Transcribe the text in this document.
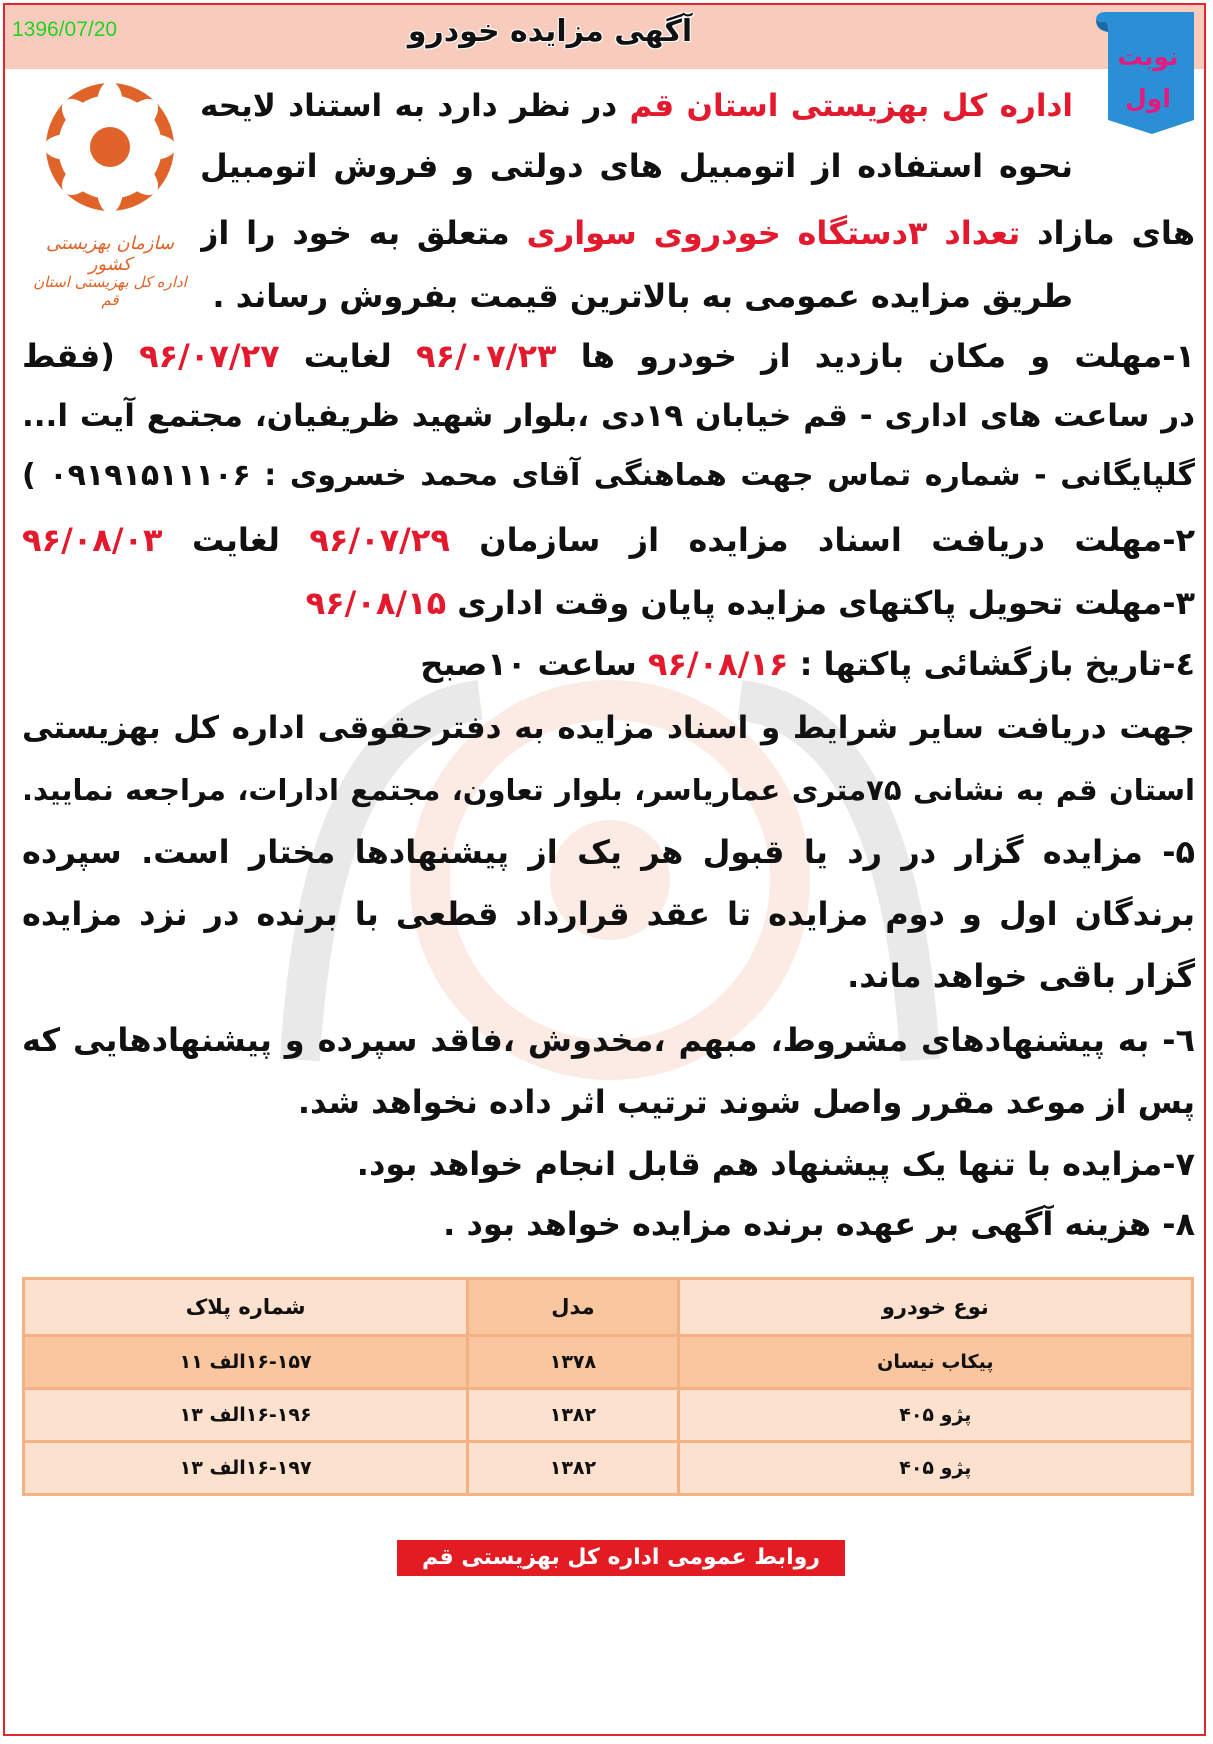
1396/07/20	آگهی مزایده خودرو
نوبت اول
سازمان بهزیستی کشور
اداره کل بهزیستی استان قم
اداره کل بهزیستی استان قم در نظر دارد به استناد لایحه
نحوه استفاده از اتومبیل های دولتی و فروش اتومبیل
های مازاد تعداد ۳دستگاه خودروی سواری متعلق به خود را از
طریق مزایده عمومی به بالاترین قیمت بفروش رساند .
۱-مهلت و مکان بازدید از خودرو ها ۹۶/۰۷/۲۳ لغایت ۹۶/۰۷/۲۷ (فقط
در ساعت های اداری - قم خیابان ۱۹دی ،بلوار شهید ظریفیان، مجتمع آیت ا...
گلپایگانی - شماره تماس جهت هماهنگی آقای محمد خسروی : ۰۹۱۹۱۵۱۱۱۰۶ )
۲-مهلت دریافت اسناد مزایده از سازمان ۹۶/۰۷/۲۹ لغایت ۹۶/۰۸/۰۳
۳-مهلت تحویل پاکتهای مزایده پایان وقت اداری ۹۶/۰۸/۱۵
٤-تاریخ بازگشائی پاکتها : ۹۶/۰۸/۱۶ ساعت ۱۰صبح
جهت دریافت سایر شرایط و اسناد مزایده به دفترحقوقی اداره کل بهزیستی
استان قم به نشانی ۷۵متری عمارياسر، بلوار تعاون، مجتمع ادارات، مراجعه نمایید.
۵- مزایده گزار در رد یا قبول هر یک از پیشنهادها مختار است. سپرده
برندگان اول و دوم مزایده تا عقد قرارداد قطعی با برنده در نزد مزایده
گزار باقی خواهد ماند.
٦- به پیشنهادهای مشروط، مبهم ،مخدوش ،فاقد سپرده و پیشنهادهایی که
پس از موعد مقرر واصل شوند ترتیب اثر داده نخواهد شد.
۷-مزایده با تنها یک پیشنهاد هم قابل انجام خواهد بود.
۸- هزینه آگهی بر عهده برنده مزایده خواهد بود .
نوع خودرو	مدل	شماره پلاک
پیکاب نیسان	۱۳۷۸	۱۶-۱۵۷الف ۱۱
پژو ۴۰۵	۱۳۸۲	۱۶-۱۹۶الف ۱۳
پژو ۴۰۵	۱۳۸۲	۱۶-۱۹۷الف ۱۳
روابط عمومی اداره کل بهزیستی قم
